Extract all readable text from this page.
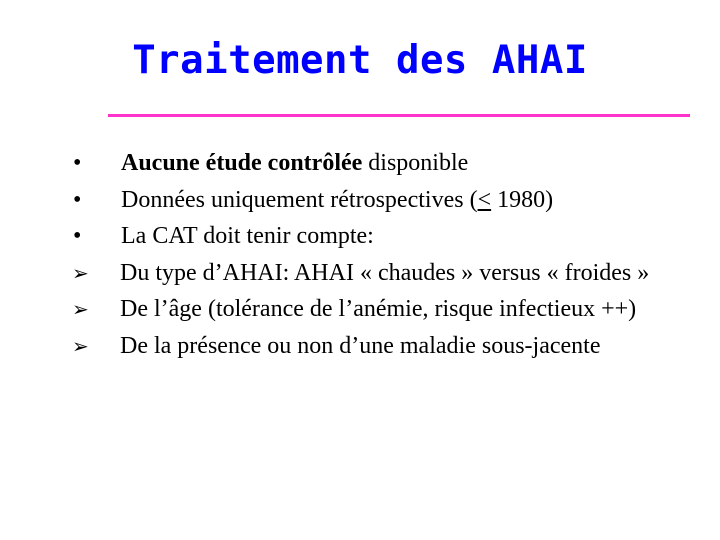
Traitement des AHAI
•	Aucune étude contrôlée disponible
•	Données uniquement rétrospectives (< 1980)
•	La CAT doit tenir compte:
➢	Du type d’AHAI: AHAI « chaudes » versus « froides »
➢	De l’âge (tolérance de l’anémie, risque infectieux ++)
➢	De la présence ou non d’une maladie sous-jacente
